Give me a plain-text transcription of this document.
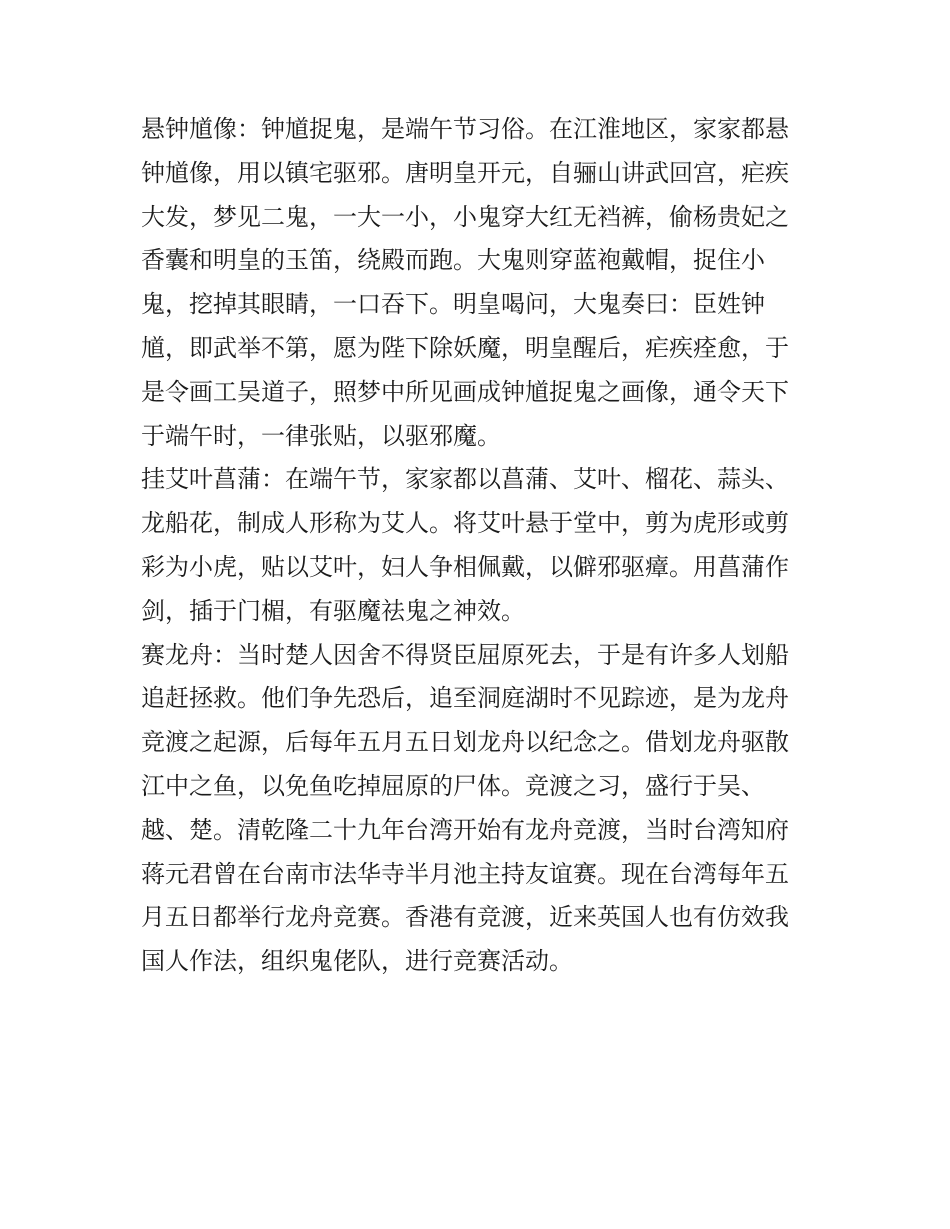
悬钟馗像：钟馗捉鬼，是端午节习俗。在江淮地区，家家都悬
钟馗像，用以镇宅驱邪。唐明皇开元，自骊山讲武回宫，疟疾
大发，梦见二鬼，一大一小，小鬼穿大红无裆裤，偷杨贵妃之
香囊和明皇的玉笛，绕殿而跑。大鬼则穿蓝袍戴帽，捉住小
鬼，挖掉其眼睛，一口吞下。明皇喝问，大鬼奏曰：臣姓钟
馗，即武举不第，愿为陛下除妖魔，明皇醒后，疟疾痊愈，于
是令画工吴道子，照梦中所见画成钟馗捉鬼之画像，通令天下
于端午时，一律张贴，以驱邪魔。
挂艾叶菖蒲：在端午节，家家都以菖蒲、艾叶、榴花、蒜头、
龙船花，制成人形称为艾人。将艾叶悬于堂中，剪为虎形或剪
彩为小虎，贴以艾叶，妇人争相佩戴，以僻邪驱瘴。用菖蒲作
剑，插于门楣，有驱魔祛鬼之神效。
赛龙舟：当时楚人因舍不得贤臣屈原死去，于是有许多人划船
追赶拯救。他们争先恐后，追至洞庭湖时不见踪迹，是为龙舟
竞渡之起源，后每年五月五日划龙舟以纪念之。借划龙舟驱散
江中之鱼，以免鱼吃掉屈原的尸体。竞渡之习，盛行于吴、
越、楚。清乾隆二十九年台湾开始有龙舟竞渡，当时台湾知府
蒋元君曾在台南市法华寺半月池主持友谊赛。现在台湾每年五
月五日都举行龙舟竞赛。香港有竞渡，近来英国人也有仿效我
国人作法，组织鬼佬队，进行竞赛活动。
